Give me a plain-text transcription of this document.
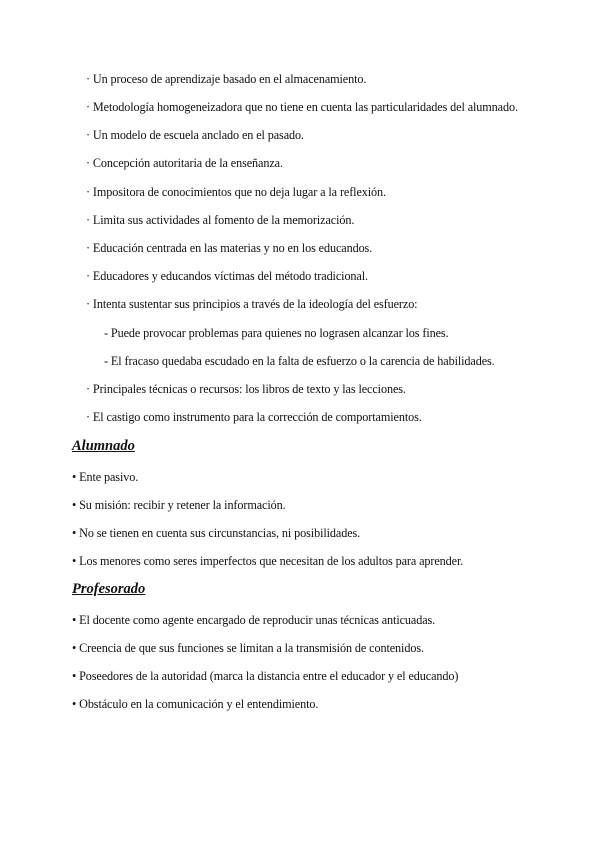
· Un proceso de aprendizaje basado en el almacenamiento.
· Metodología homogeneizadora que no tiene en cuenta las particularidades del alumnado.
· Un modelo de escuela anclado en el pasado.
· Concepción autoritaria de la enseñanza.
· Impositora de conocimientos que no deja lugar a la reflexión.
· Limita sus actividades al fomento de la memorización.
· Educación centrada en las materias y no en los educandos.
· Educadores y educandos víctimas del método tradicional.
· Intenta sustentar sus principios a través de la ideología del esfuerzo:
- Puede provocar problemas para quienes no lograsen alcanzar los fines.
- El fracaso quedaba escudado en la falta de esfuerzo o la carencia de habilidades.
· Principales técnicas o recursos: los libros de texto y las lecciones.
· El castigo como instrumento para la corrección de comportamientos.
Alumnado
• Ente pasivo.
• Su misión: recibir y retener la información.
• No se tienen en cuenta sus circunstancias, ni posibilidades.
• Los menores como seres imperfectos que necesitan de los adultos para aprender.
Profesorado
• El docente como agente encargado de reproducir unas técnicas anticuadas.
• Creencia de que sus funciones se limitan a la transmisión de contenidos.
• Poseedores de la autoridad (marca la distancia entre el educador y el educando)
• Obstáculo en la comunicación y el entendimiento.
